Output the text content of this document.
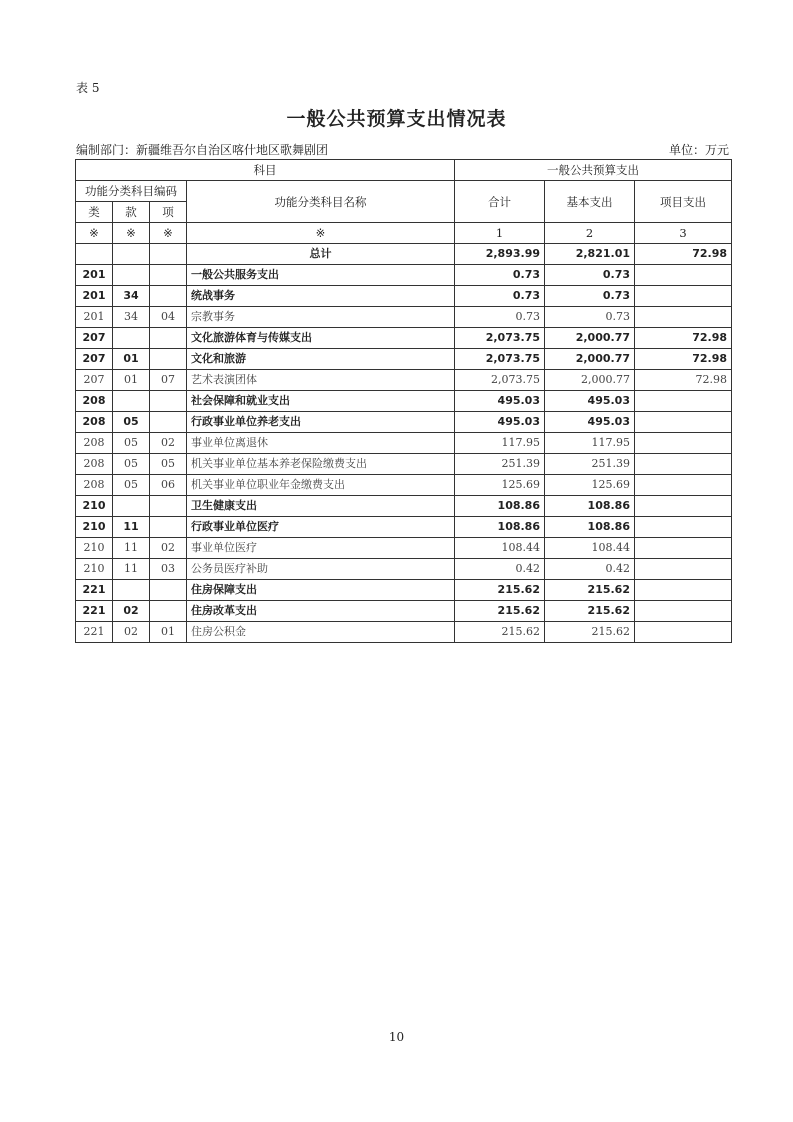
表 5
一般公共预算支出情况表
编制部门：新疆维吾尔自治区喀什地区歌舞剧团	单位：万元
科目				一般公共预算支出		
功能分类科目编码			功能分类科目名称	合计	基本支出	项目支出
类	款	项				
※	※	※	※	1	2	3
			总计	2,893.99	2,821.01	72.98
201			一般公共服务支出	0.73	0.73	
201	34		统战事务	0.73	0.73	
201	34	04	宗教事务	0.73	0.73	
207			文化旅游体育与传媒支出	2,073.75	2,000.77	72.98
207	01		文化和旅游	2,073.75	2,000.77	72.98
207	01	07	艺术表演团体	2,073.75	2,000.77	72.98
208			社会保障和就业支出	495.03	495.03	
208	05		行政事业单位养老支出	495.03	495.03	
208	05	02	事业单位离退休	117.95	117.95	
208	05	05	机关事业单位基本养老保险缴费支出	251.39	251.39	
208	05	06	机关事业单位职业年金缴费支出	125.69	125.69	
210			卫生健康支出	108.86	108.86	
210	11		行政事业单位医疗	108.86	108.86	
210	11	02	事业单位医疗	108.44	108.44	
210	11	03	公务员医疗补助	0.42	0.42	
221			住房保障支出	215.62	215.62	
221	02		住房改革支出	215.62	215.62	
221	02	01	住房公积金	215.62	215.62	
10
